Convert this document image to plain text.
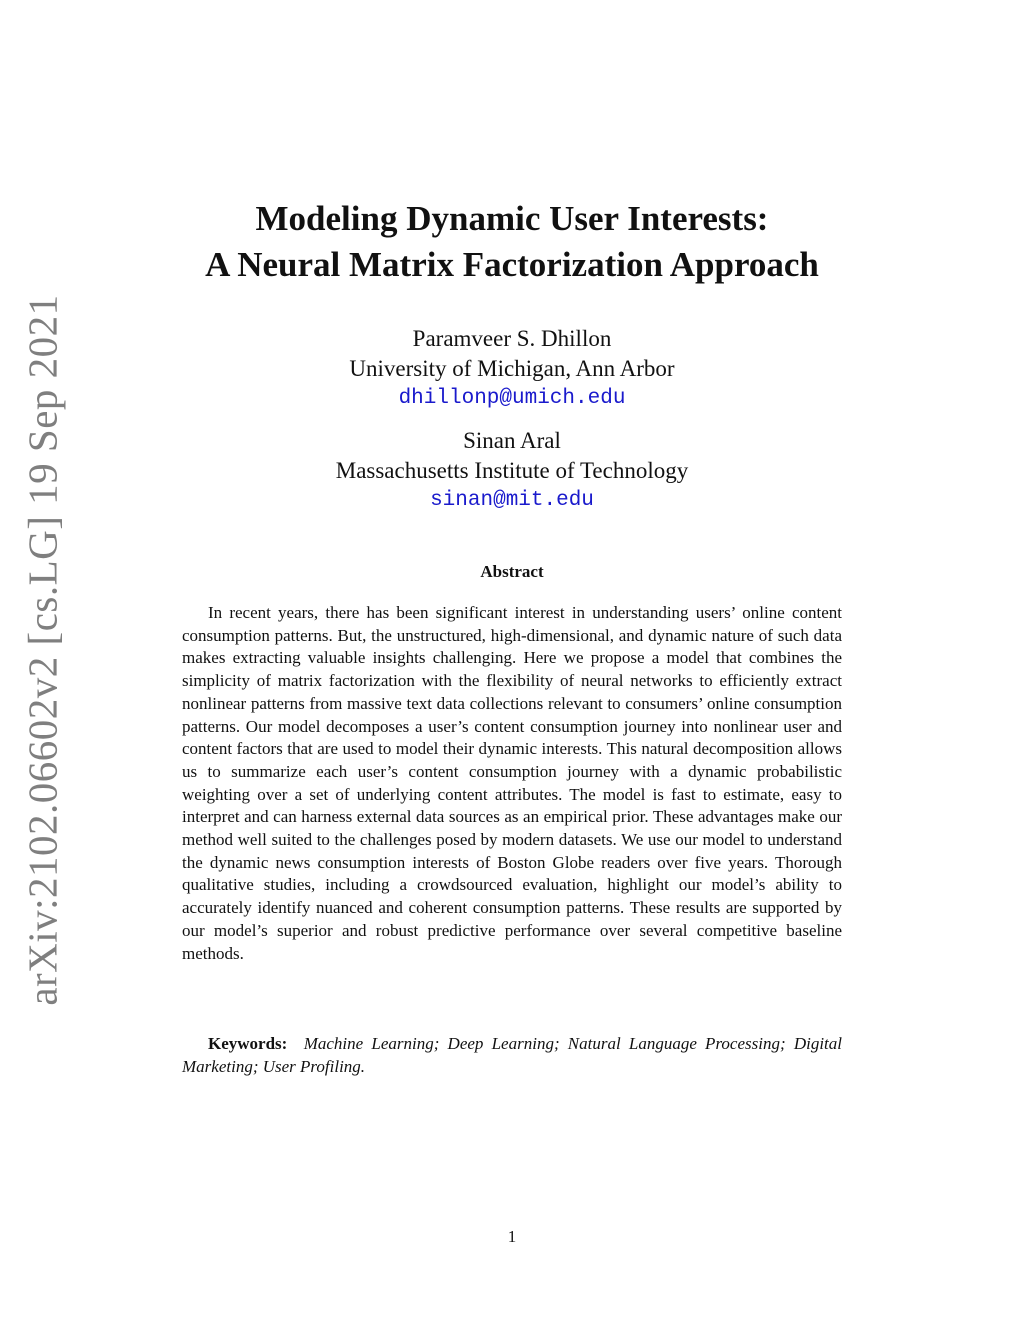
arXiv:2102.06602v2 [cs.LG] 19 Sep 2021
Modeling Dynamic User Interests:
A Neural Matrix Factorization Approach
Paramveer S. Dhillon
University of Michigan, Ann Arbor
dhillonp@umich.edu
Sinan Aral
Massachusetts Institute of Technology
sinan@mit.edu
Abstract

In recent years, there has been significant interest in understanding users’ online content consumption patterns. But, the unstructured, high-dimensional, and dynamic nature of such data makes extracting valuable insights challenging. Here we propose a model that combines the simplicity of matrix factorization with the flexibility of neural networks to efficiently extract nonlinear patterns from massive text data collections relevant to consumers’ online consumption patterns. Our model decomposes a user’s content consumption journey into nonlinear user and content factors that are used to model their dynamic interests. This natural decomposition allows us to summarize each user’s content consumption journey with a dynamic probabilistic weighting over a set of underlying content attributes. The model is fast to estimate, easy to interpret and can harness external data sources as an empirical prior. These advantages make our method well suited to the challenges posed by modern datasets. We use our model to understand the dynamic news consumption interests of Boston Globe readers over five years. Thorough qualitative studies, including a crowdsourced evaluation, highlight our model’s ability to accurately identify nuanced and coherent consumption patterns. These results are supported by our model’s superior and robust predictive performance over several competitive baseline methods.

Keywords: Machine Learning; Deep Learning; Natural Language Processing; Digital Marketing; User Profiling.

1
